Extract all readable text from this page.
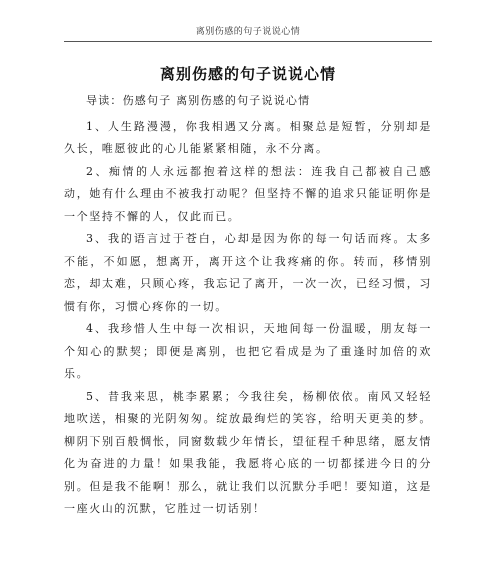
离别伤感的句子说说心情
离别伤感的句子说说心情

导读：伤感句子 离别伤感的句子说说心情

1、人生路漫漫，你我相遇又分离。相聚总是短暂，分别却是久长，唯愿彼此的心儿能紧紧相随，永不分离。

2、痴情的人永远都抱着这样的想法：连我自己都被自己感动，她有什么理由不被我打动呢？但坚持不懈的追求只能证明你是一个坚持不懈的人，仅此而已。

3、我的语言过于苍白，心却是因为你的每一句话而疼。太多不能，不如愿，想离开，离开这个让我疼痛的你。转而，移情别恋，却太难，只顾心疼，我忘记了离开，一次一次，已经习惯，习惯有你，习惯心疼你的一切。

4、我珍惜人生中每一次相识，天地间每一份温暖，朋友每一个知心的默契；即便是离别，也把它看成是为了重逢时加倍的欢乐。

5、昔我来思，桃李累累；今我往矣，杨柳依依。南风又轻轻地吹送，相聚的光阴匆匆。绽放最绚烂的笑容，给明天更美的梦。柳阴下别百般惆怅，同窗数载少年情长，望征程千种思绪，愿友情化为奋进的力量！如果我能，我愿将心底的一切都揉进今日的分别。但是我不能啊！那么，就让我们以沉默分手吧！要知道，这是一座火山的沉默，它胜过一切话别！
